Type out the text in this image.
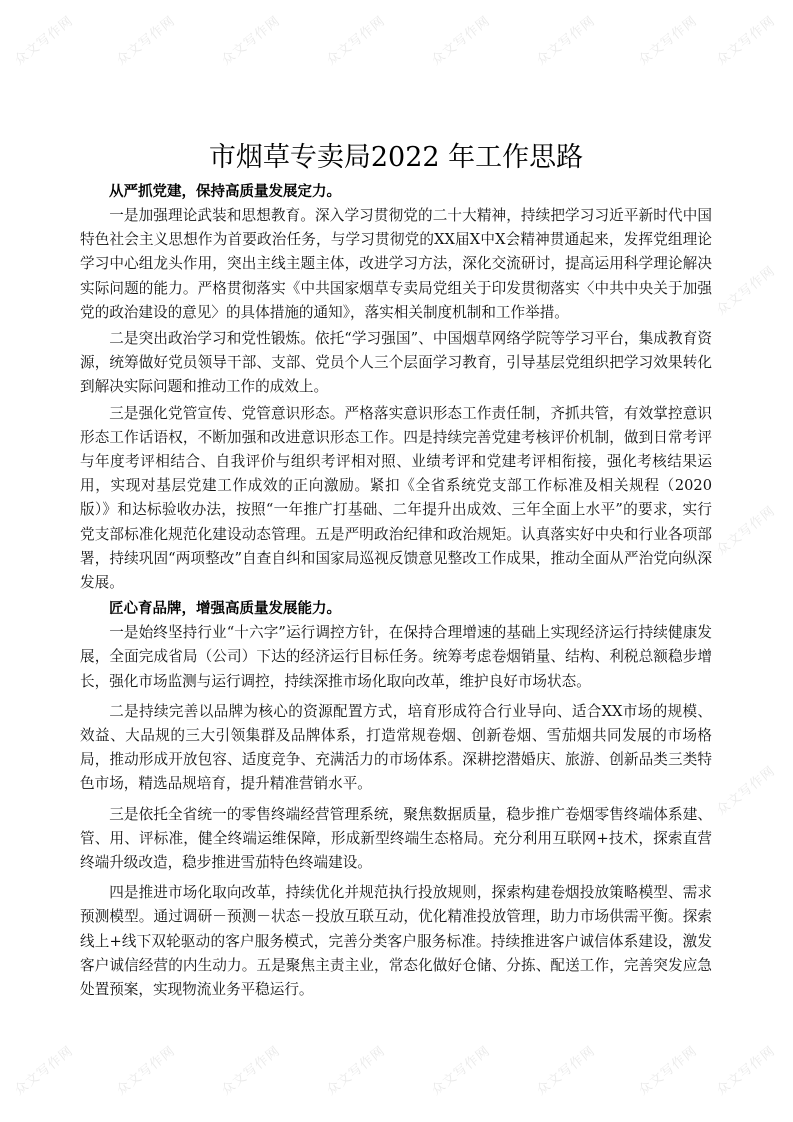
众文写作网	众文写作网	众文写作网	众文写作网	众文写作网	众文写作网	众文写作网 众文写作网
众文写作网
众文写作网
众文写作网
众文写作网	众文写作网	众文写作网	众文写作网	众文写作网	众文写作网	众文写作网 众文写作网
市烟草专卖局2022 年工作思路

从严抓党建，保持高质量发展定力。

一是加强理论武装和思想教育。深入学习贯彻党的二十大精神，持续把学习习近平新时代中国特色社会主义思想作为首要政治任务，与学习贯彻党的XX届X中X会精神贯通起来，发挥党组理论学习中心组龙头作用，突出主线主题主体，改进学习方法，深化交流研讨，提高运用科学理论解决实际问题的能力。严格贯彻落实《中共国家烟草专卖局党组关于印发贯彻落实〈中共中央关于加强党的政治建设的意见〉的具体措施的通知》，落实相关制度机制和工作举措。

二是突出政治学习和党性锻炼。依托“学习强国”、中国烟草网络学院等学习平台，集成教育资源，统筹做好党员领导干部、支部、党员个人三个层面学习教育，引导基层党组织把学习效果转化到解决实际问题和推动工作的成效上。

三是强化党管宣传、党管意识形态。严格落实意识形态工作责任制，齐抓共管，有效掌控意识形态工作话语权，不断加强和改进意识形态工作。四是持续完善党建考核评价机制，做到日常考评与年度考评相结合、自我评价与组织考评相对照、业绩考评和党建考评相衔接，强化考核结果运用，实现对基层党建工作成效的正向激励。紧扣《全省系统党支部工作标准及相关规程（2020版）》和达标验收办法，按照“一年推广打基础、二年提升出成效、三年全面上水平”的要求，实行党支部标准化规范化建设动态管理。五是严明政治纪律和政治规矩。认真落实好中央和行业各项部署，持续巩固“两项整改”自查自纠和国家局巡视反馈意见整改工作成果，推动全面从严治党向纵深发展。

匠心育品牌，增强高质量发展能力。

一是始终坚持行业“十六字”运行调控方针，在保持合理增速的基础上实现经济运行持续健康发展，全面完成省局（公司）下达的经济运行目标任务。统筹考虑卷烟销量、结构、利税总额稳步增长，强化市场监测与运行调控，持续深推市场化取向改革，维护良好市场状态。

二是持续完善以品牌为核心的资源配置方式，培育形成符合行业导向、适合XX市场的规模、效益、大品规的三大引领集群及品牌体系，打造常规卷烟、创新卷烟、雪茄烟共同发展的市场格局，推动形成开放包容、适度竞争、充满活力的市场体系。深耕挖潜婚庆、旅游、创新品类三类特色市场，精选品规培育，提升精准营销水平。

三是依托全省统一的零售终端经营管理系统，聚焦数据质量，稳步推广卷烟零售终端体系建、管、用、评标准，健全终端运维保障，形成新型终端生态格局。充分利用互联网+技术，探索直营终端升级改造，稳步推进雪茄特色终端建设。

四是推进市场化取向改革，持续优化并规范执行投放规则，探索构建卷烟投放策略模型、需求预测模型。通过调研－预测－状态－投放互联互动，优化精准投放管理，助力市场供需平衡。探索线上+线下双轮驱动的客户服务模式，完善分类客户服务标准。持续推进客户诚信体系建设，激发客户诚信经营的内生动力。五是聚焦主责主业，常态化做好仓储、分拣、配送工作，完善突发应急处置预案，实现物流业务平稳运行。
